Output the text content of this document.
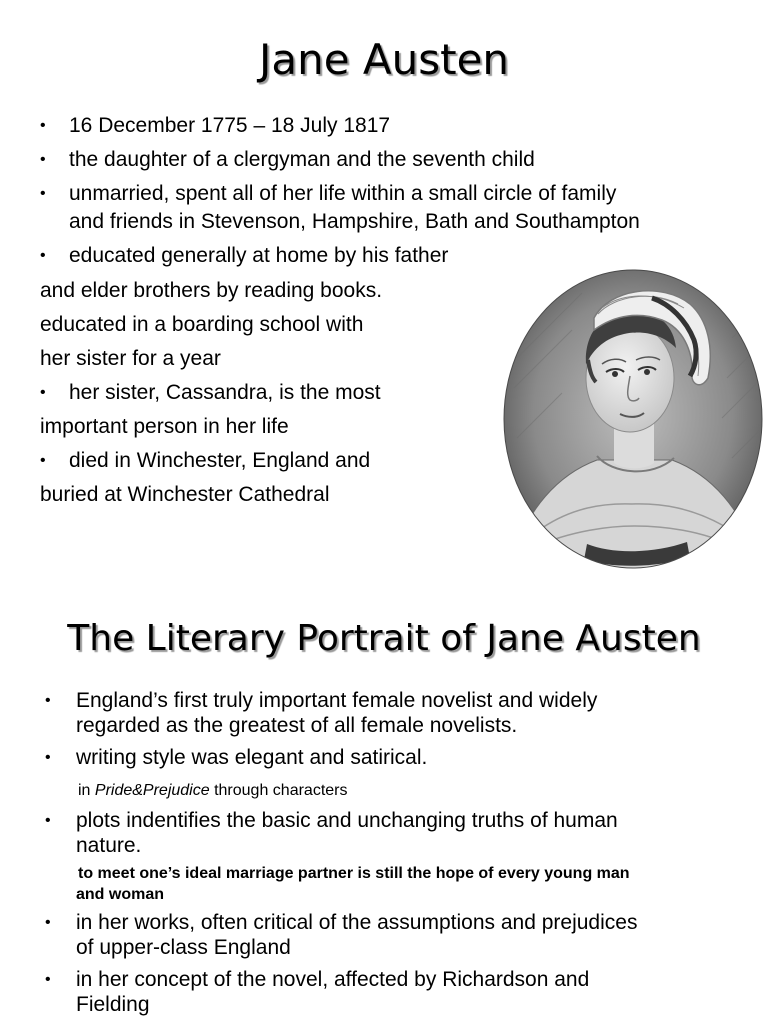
Jane Austen
• 16 December 1775 – 18 July 1817
• the daughter of a clergyman and the seventh child
• unmarried, spent all of her life within a small circle of family
and friends in Stevenson, Hampshire, Bath and Southampton
• educated generally at home by his father
and elder brothers by reading books.
educated in a boarding school with
her sister for a year
• her sister, Cassandra, is the most
important person in her life
• died in Winchester, England and
buried at Winchester Cathedral
The Literary Portrait of Jane Austen
• England’s first truly important female novelist and widely
regarded as the greatest of all female novelists.
• writing style was elegant and satirical.
in Pride&Prejudice through characters
• plots indentifies the basic and unchanging truths of human
nature.
to meet one’s ideal marriage partner is still the hope of every young man
and woman
• in her works, often critical of the assumptions and prejudices
of upper-class England
• in her concept of the novel, affected by Richardson and
Fielding
